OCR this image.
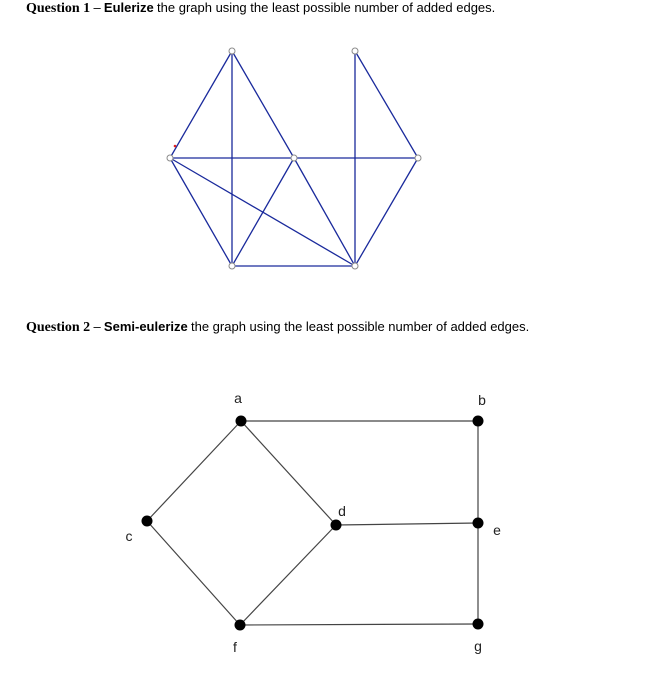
Question 1 – Eulerize the graph using the least possible number of added edges.
Question 2 – Semi-eulerize the graph using the least possible number of added edges.
a	b
c
d
e
f	g
